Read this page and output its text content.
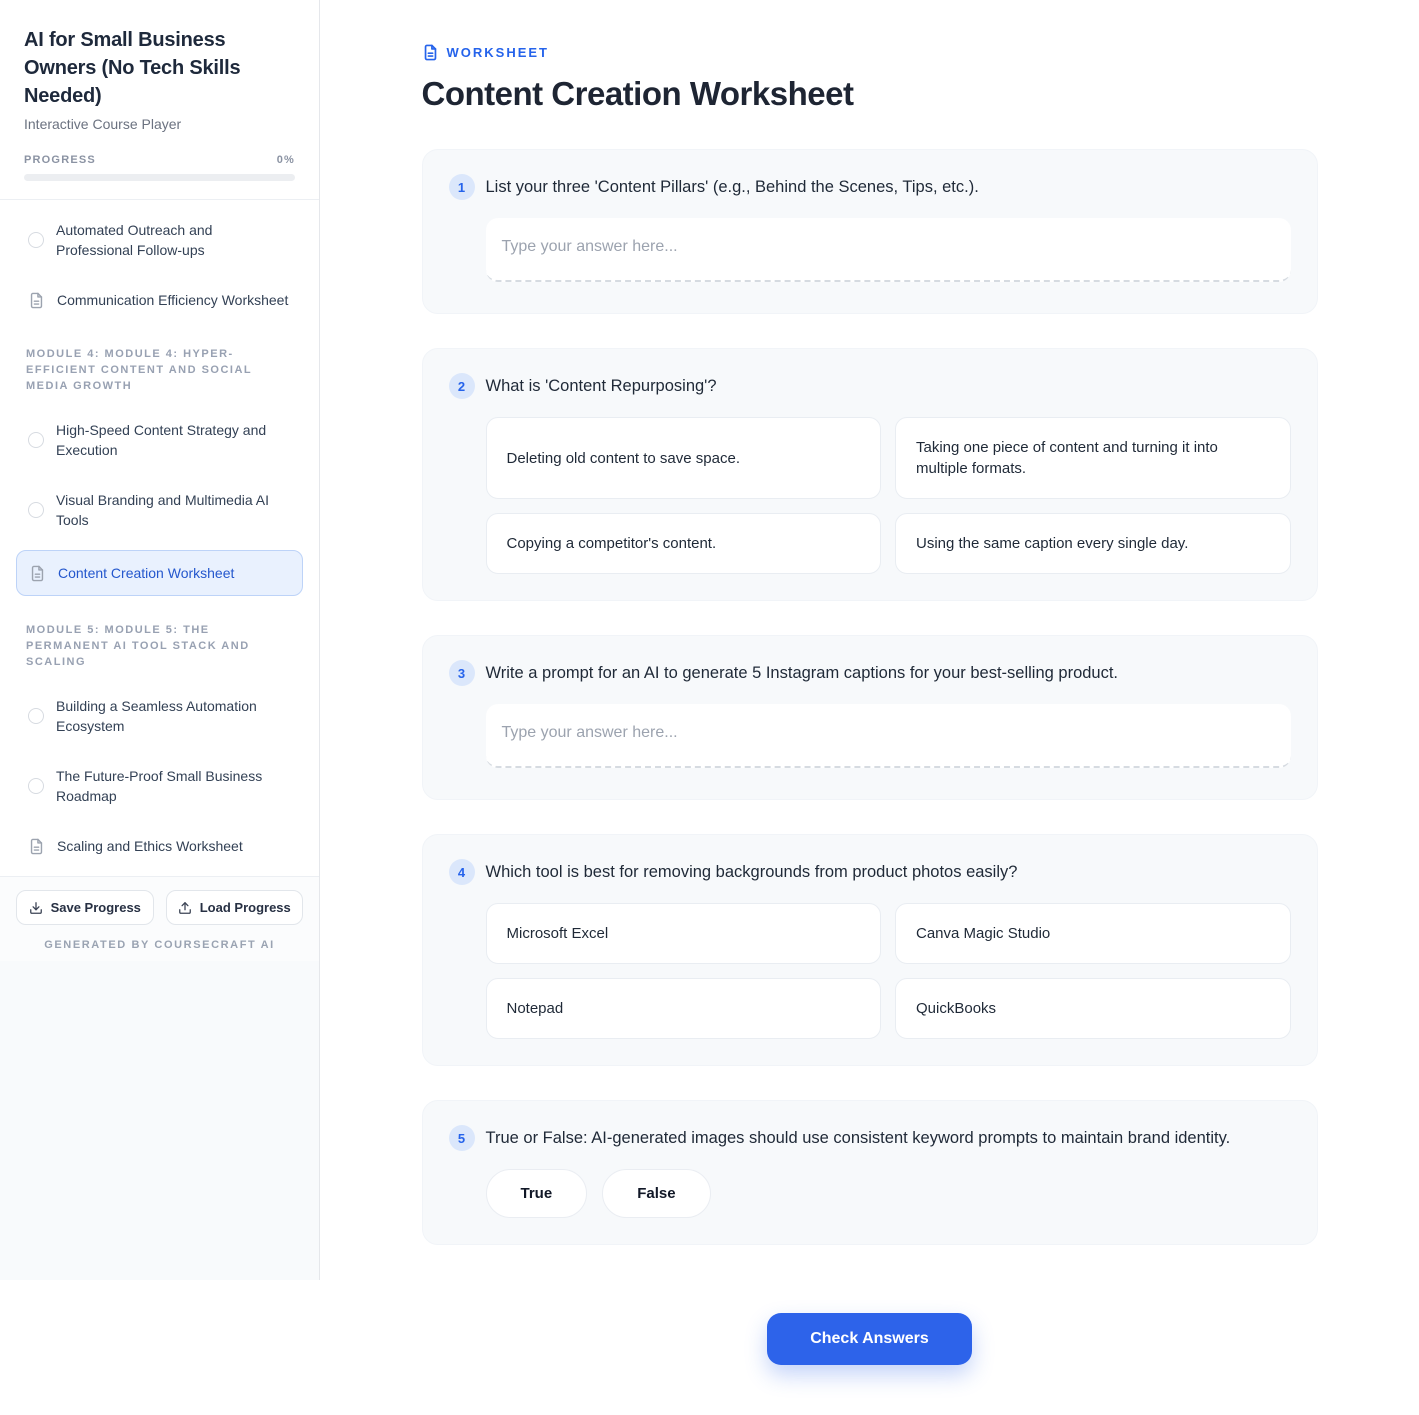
AI for Small Business Owners (No Tech Skills Needed)
Interactive Course Player
PROGRESS	0%
Automated Outreach and Professional Follow-ups
Communication Efficiency Worksheet
MODULE 4: MODULE 4: HYPER-EFFICIENT CONTENT AND SOCIAL MEDIA GROWTH
High-Speed Content Strategy and Execution
Visual Branding and Multimedia AI Tools
Content Creation Worksheet
MODULE 5: MODULE 5: THE PERMANENT AI TOOL STACK AND SCALING
Building a Seamless Automation Ecosystem
The Future-Proof Small Business Roadmap
Scaling and Ethics Worksheet
Save Progress	Load Progress
GENERATED BY COURSECRAFT AI
WORKSHEET
Content Creation Worksheet
1	List your three 'Content Pillars' (e.g., Behind the Scenes, Tips, etc.).
Type your answer here...
2	What is 'Content Repurposing'?
Deleting old content to save space.
Taking one piece of content and turning it into multiple formats.
Copying a competitor's content.	Using the same caption every single day.
3	Write a prompt for an AI to generate 5 Instagram captions for your best-selling product.
Type your answer here...
4	Which tool is best for removing backgrounds from product photos easily?
Microsoft Excel	Canva Magic Studio
Notepad	QuickBooks
5	True or False: AI-generated images should use consistent keyword prompts to maintain brand identity.
True	False
Check Answers
